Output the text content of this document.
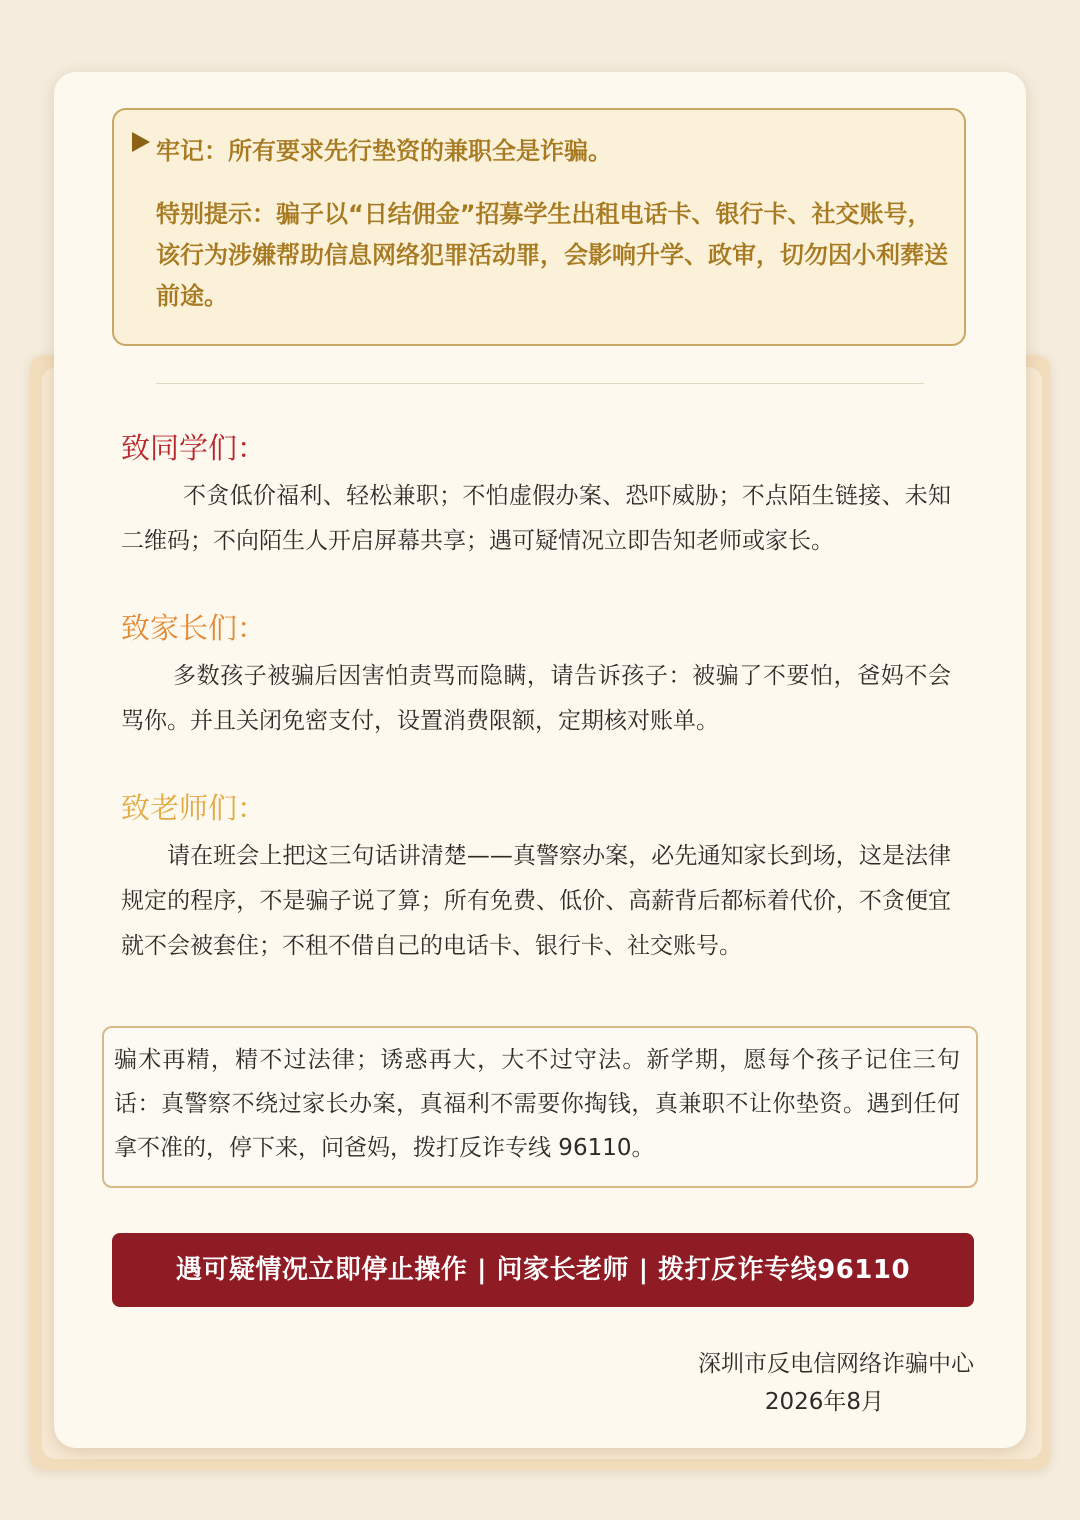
牢记：所有要求先行垫资的兼职全是诈骗。
特别提示：骗子以“日结佣金”招募学生出租电话卡、银行卡、社交账号，该行为涉嫌帮助信息网络犯罪活动罪，会影响升学、政审，切勿因小利葬送前途。
致同学们：
不贪低价福利、轻松兼职；不怕虚假办案、恐吓威胁；不点陌生链接、未知二维码；不向陌生人开启屏幕共享；遇可疑情况立即告知老师或家长。
致家长们：
多数孩子被骗后因害怕责骂而隐瞒，请告诉孩子：被骗了不要怕，爸妈不会骂你。并且关闭免密支付，设置消费限额，定期核对账单。
致老师们：
请在班会上把这三句话讲清楚——真警察办案，必先通知家长到场，这是法律规定的程序，不是骗子说了算；所有免费、低价、高薪背后都标着代价，不贪便宜就不会被套住；不租不借自己的电话卡、银行卡、社交账号。
骗术再精，精不过法律；诱惑再大，大不过守法。新学期，愿每个孩子记住三句话：真警察不绕过家长办案，真福利不需要你掏钱，真兼职不让你垫资。遇到任何拿不准的，停下来，问爸妈，拨打反诈专线 96110。
遇可疑情况立即停止操作 | 问家长老师 | 拨打反诈专线96110
深圳市反电信网络诈骗中心
2026年8月
